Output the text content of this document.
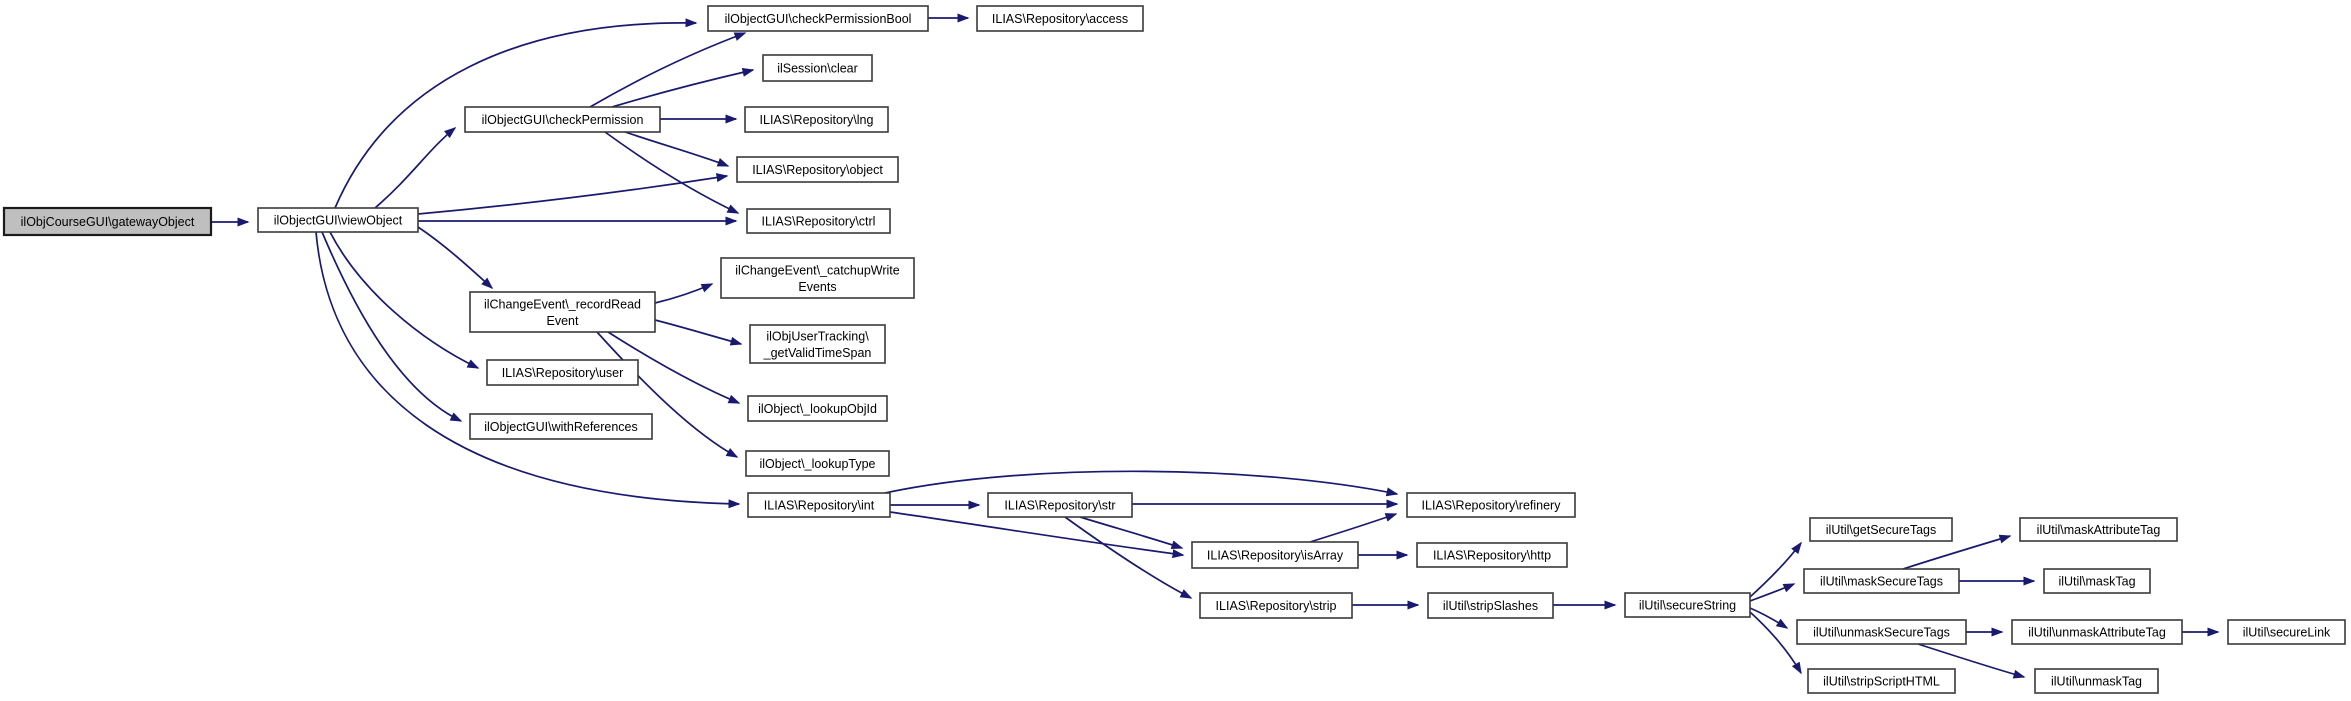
ilObjCourseGUI\gatewayObject	ilObjectGUI\viewObject
ilObjectGUI\checkPermissionBool	ILIAS\Repository\access
ilSession\clear
ilObjectGUI\checkPermission	ILIAS\Repository\lng
ILIAS\Repository\object
ILIAS\Repository\ctrl
ilChangeEvent\_catchupWrite Events
ilChangeEvent\_recordRead Event
ilObjUserTracking\ _getValidTimeSpan
ILIAS\Repository\user
ilObject\_lookupObjId
ilObjectGUI\withReferences
ilObject\_lookupType
ILIAS\Repository\int	ILIAS\Repository\str	ILIAS\Repository\refinery
ILIAS\Repository\isArray	ILIAS\Repository\http
ILIAS\Repository\strip	ilUtil\stripSlashes	ilUtil\secureString
ilUtil\getSecureTags	ilUtil\maskAttributeTag
ilUtil\maskSecureTags	ilUtil\maskTag
ilUtil\unmaskSecureTags	ilUtil\unmaskAttributeTag	ilUtil\secureLink
ilUtil\stripScriptHTML	ilUtil\unmaskTag
